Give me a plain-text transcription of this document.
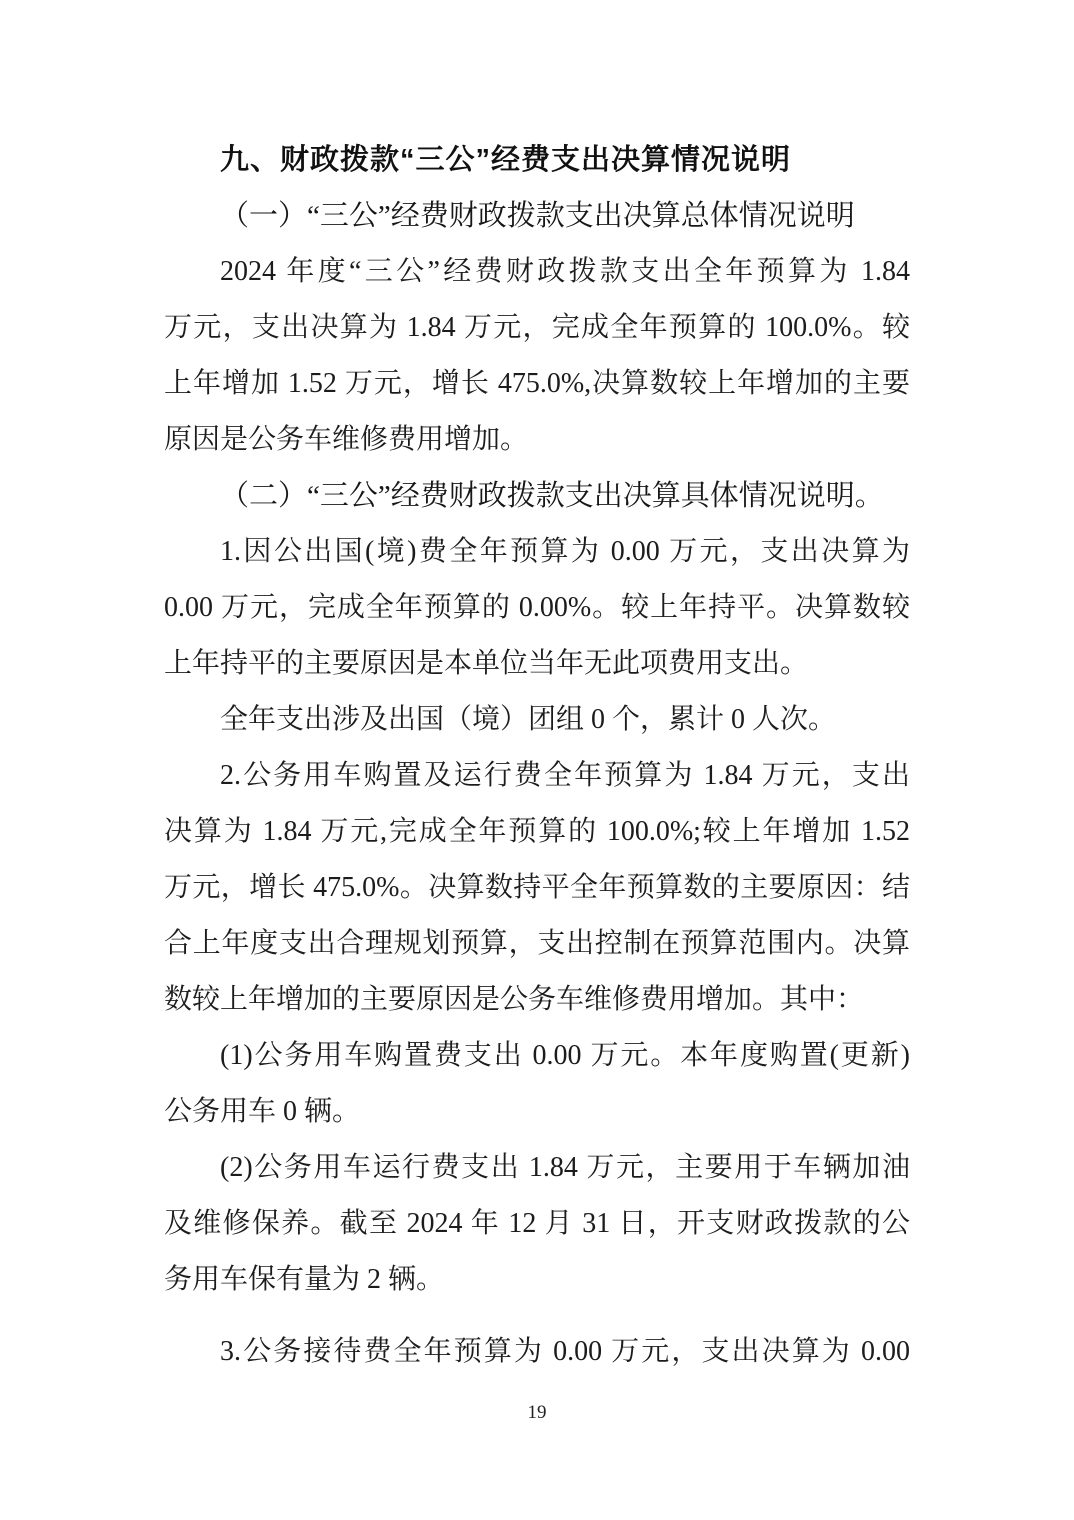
九、财政拨款“三公”经费支出决算情况说明
（一）“三公”经费财政拨款支出决算总体情况说明
2024 年度“三公”经费财政拨款支出全年预算为 1.84
万元，支出决算为 1.84 万元，完成全年预算的 100.0%。较
上年增加 1.52 万元，增长 475.0%,决算数较上年增加的主要
原因是公务车维修费用增加。
（二）“三公”经费财政拨款支出决算具体情况说明。
1.因公出国(境)费全年预算为 0.00 万元，支出决算为
0.00 万元，完成全年预算的 0.00%。较上年持平。决算数较
上年持平的主要原因是本单位当年无此项费用支出。
全年支出涉及出国（境）团组 0 个，累计 0 人次。
2.公务用车购置及运行费全年预算为 1.84 万元，支出
决算为 1.84 万元,完成全年预算的 100.0%;较上年增加 1.52
万元，增长 475.0%。决算数持平全年预算数的主要原因：结
合上年度支出合理规划预算，支出控制在预算范围内。决算
数较上年增加的主要原因是公务车维修费用增加。其中：
(1)公务用车购置费支出 0.00 万元。本年度购置(更新)
公务用车 0 辆。
(2)公务用车运行费支出 1.84 万元，主要用于车辆加油
及维修保养。截至 2024 年 12 月 31 日，开支财政拨款的公
务用车保有量为 2 辆。
3.公务接待费全年预算为 0.00 万元，支出决算为 0.00
19
